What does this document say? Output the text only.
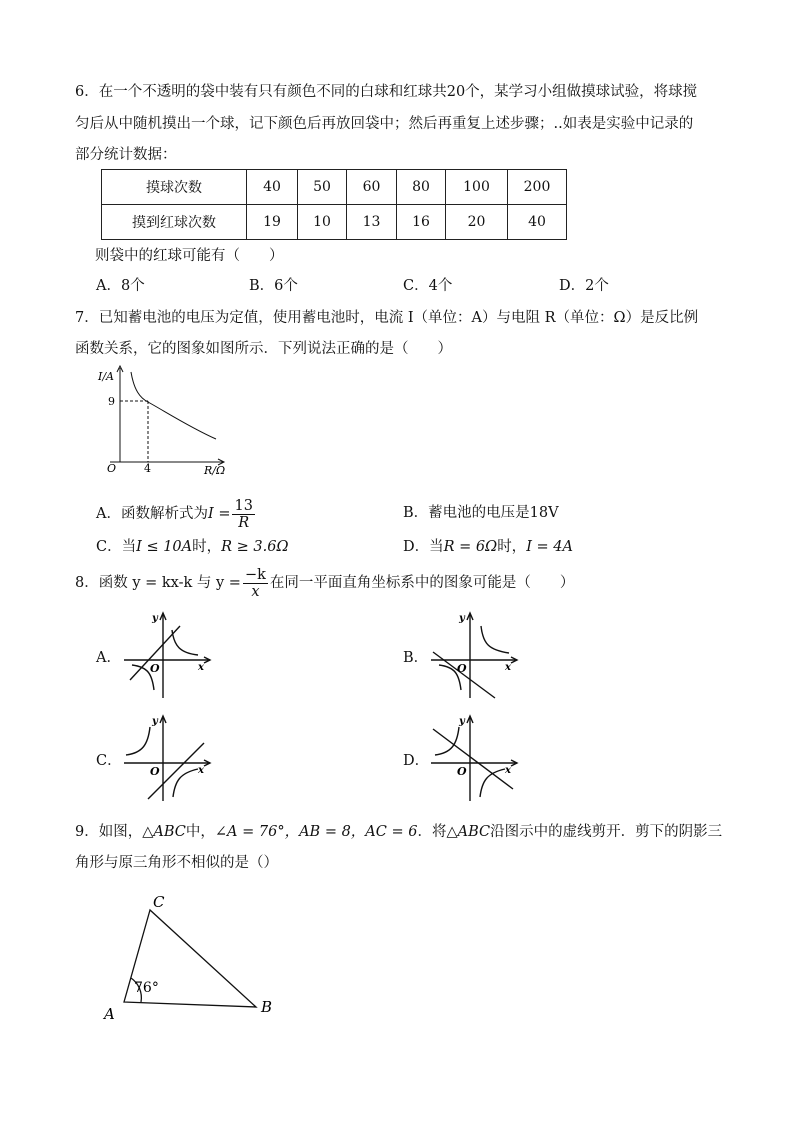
6．在一个不透明的袋中装有只有颜色不同的白球和红球共20个，某学习小组做摸球试验，将球搅
匀后从中随机摸出一个球，记下颜色后再放回袋中；然后再重复上述步骤；..如表是实验中记录的
部分统计数据：
摸球次数	40	50	60	80	100	200
摸到红球次数	19	10	13	16	20	40
则袋中的红球可能有（　　）
A．8个	B．6个	C．4个	D．2个
7．已知蓄电池的电压为定值，使用蓄电池时，电流 I（单位：A）与电阻 R（单位：Ω）是反比例
函数关系，它的图象如图所示．下列说法正确的是（　　）
I/A
9
O	4	R/Ω
A．函数解析式为$I = \frac{13}{R}$	B．蓄电池的电压是18V
C．当I ≤ 10A时，R ≥ 3.6Ω	D．当R = 6Ω时，I = 4A
8．函数 y = kx-k 与 $y = \frac{-k}{x}$ 在同一平面直角坐标系中的图象可能是（　　）
A．
y
x
O
B．
y
x
O
C．
y
x
O
D．
y
x
O
9．如图，△ABC中，∠A = 76°，AB = 8，AC = 6．将△ABC沿图示中的虚线剪开．剪下的阴影三
角形与原三角形不相似的是（）
C
A	B
76°
